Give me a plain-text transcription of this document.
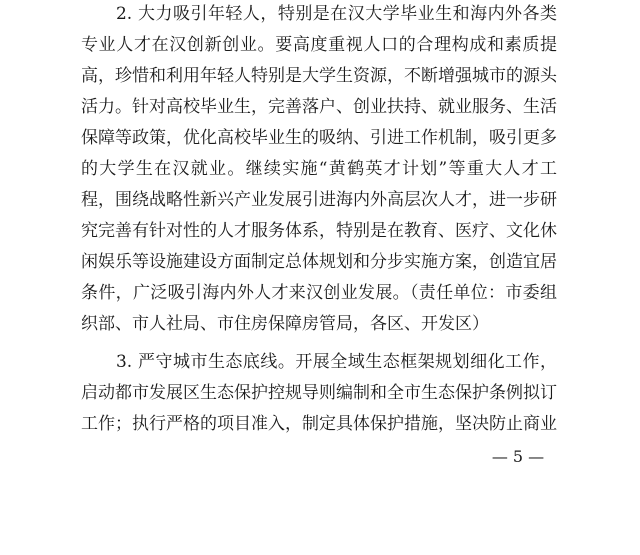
　　2. 大力吸引年轻人，特别是在汉大学毕业生和海内外各类
专业人才在汉创新创业。要高度重视人口的合理构成和素质提
高，珍惜和利用年轻人特别是大学生资源，不断增强城市的源头
活力。针对高校毕业生，完善落户、创业扶持、就业服务、生活
保障等政策，优化高校毕业生的吸纳、引进工作机制，吸引更多
的大学生在汉就业。继续实施“黄鹤英才计划”等重大人才工
程，围绕战略性新兴产业发展引进海内外高层次人才，进一步研
究完善有针对性的人才服务体系，特别是在教育、医疗、文化休
闲娱乐等设施建设方面制定总体规划和分步实施方案，创造宜居
条件，广泛吸引海内外人才来汉创业发展。（责任单位：市委组
织部、市人社局、市住房保障房管局，各区、开发区）
　　3. 严守城市生态底线。开展全域生态框架规划细化工作，
启动都市发展区生态保护控规导则编制和全市生态保护条例拟订
工作；执行严格的项目准入，制定具体保护措施，坚决防止商业
— 5 —
